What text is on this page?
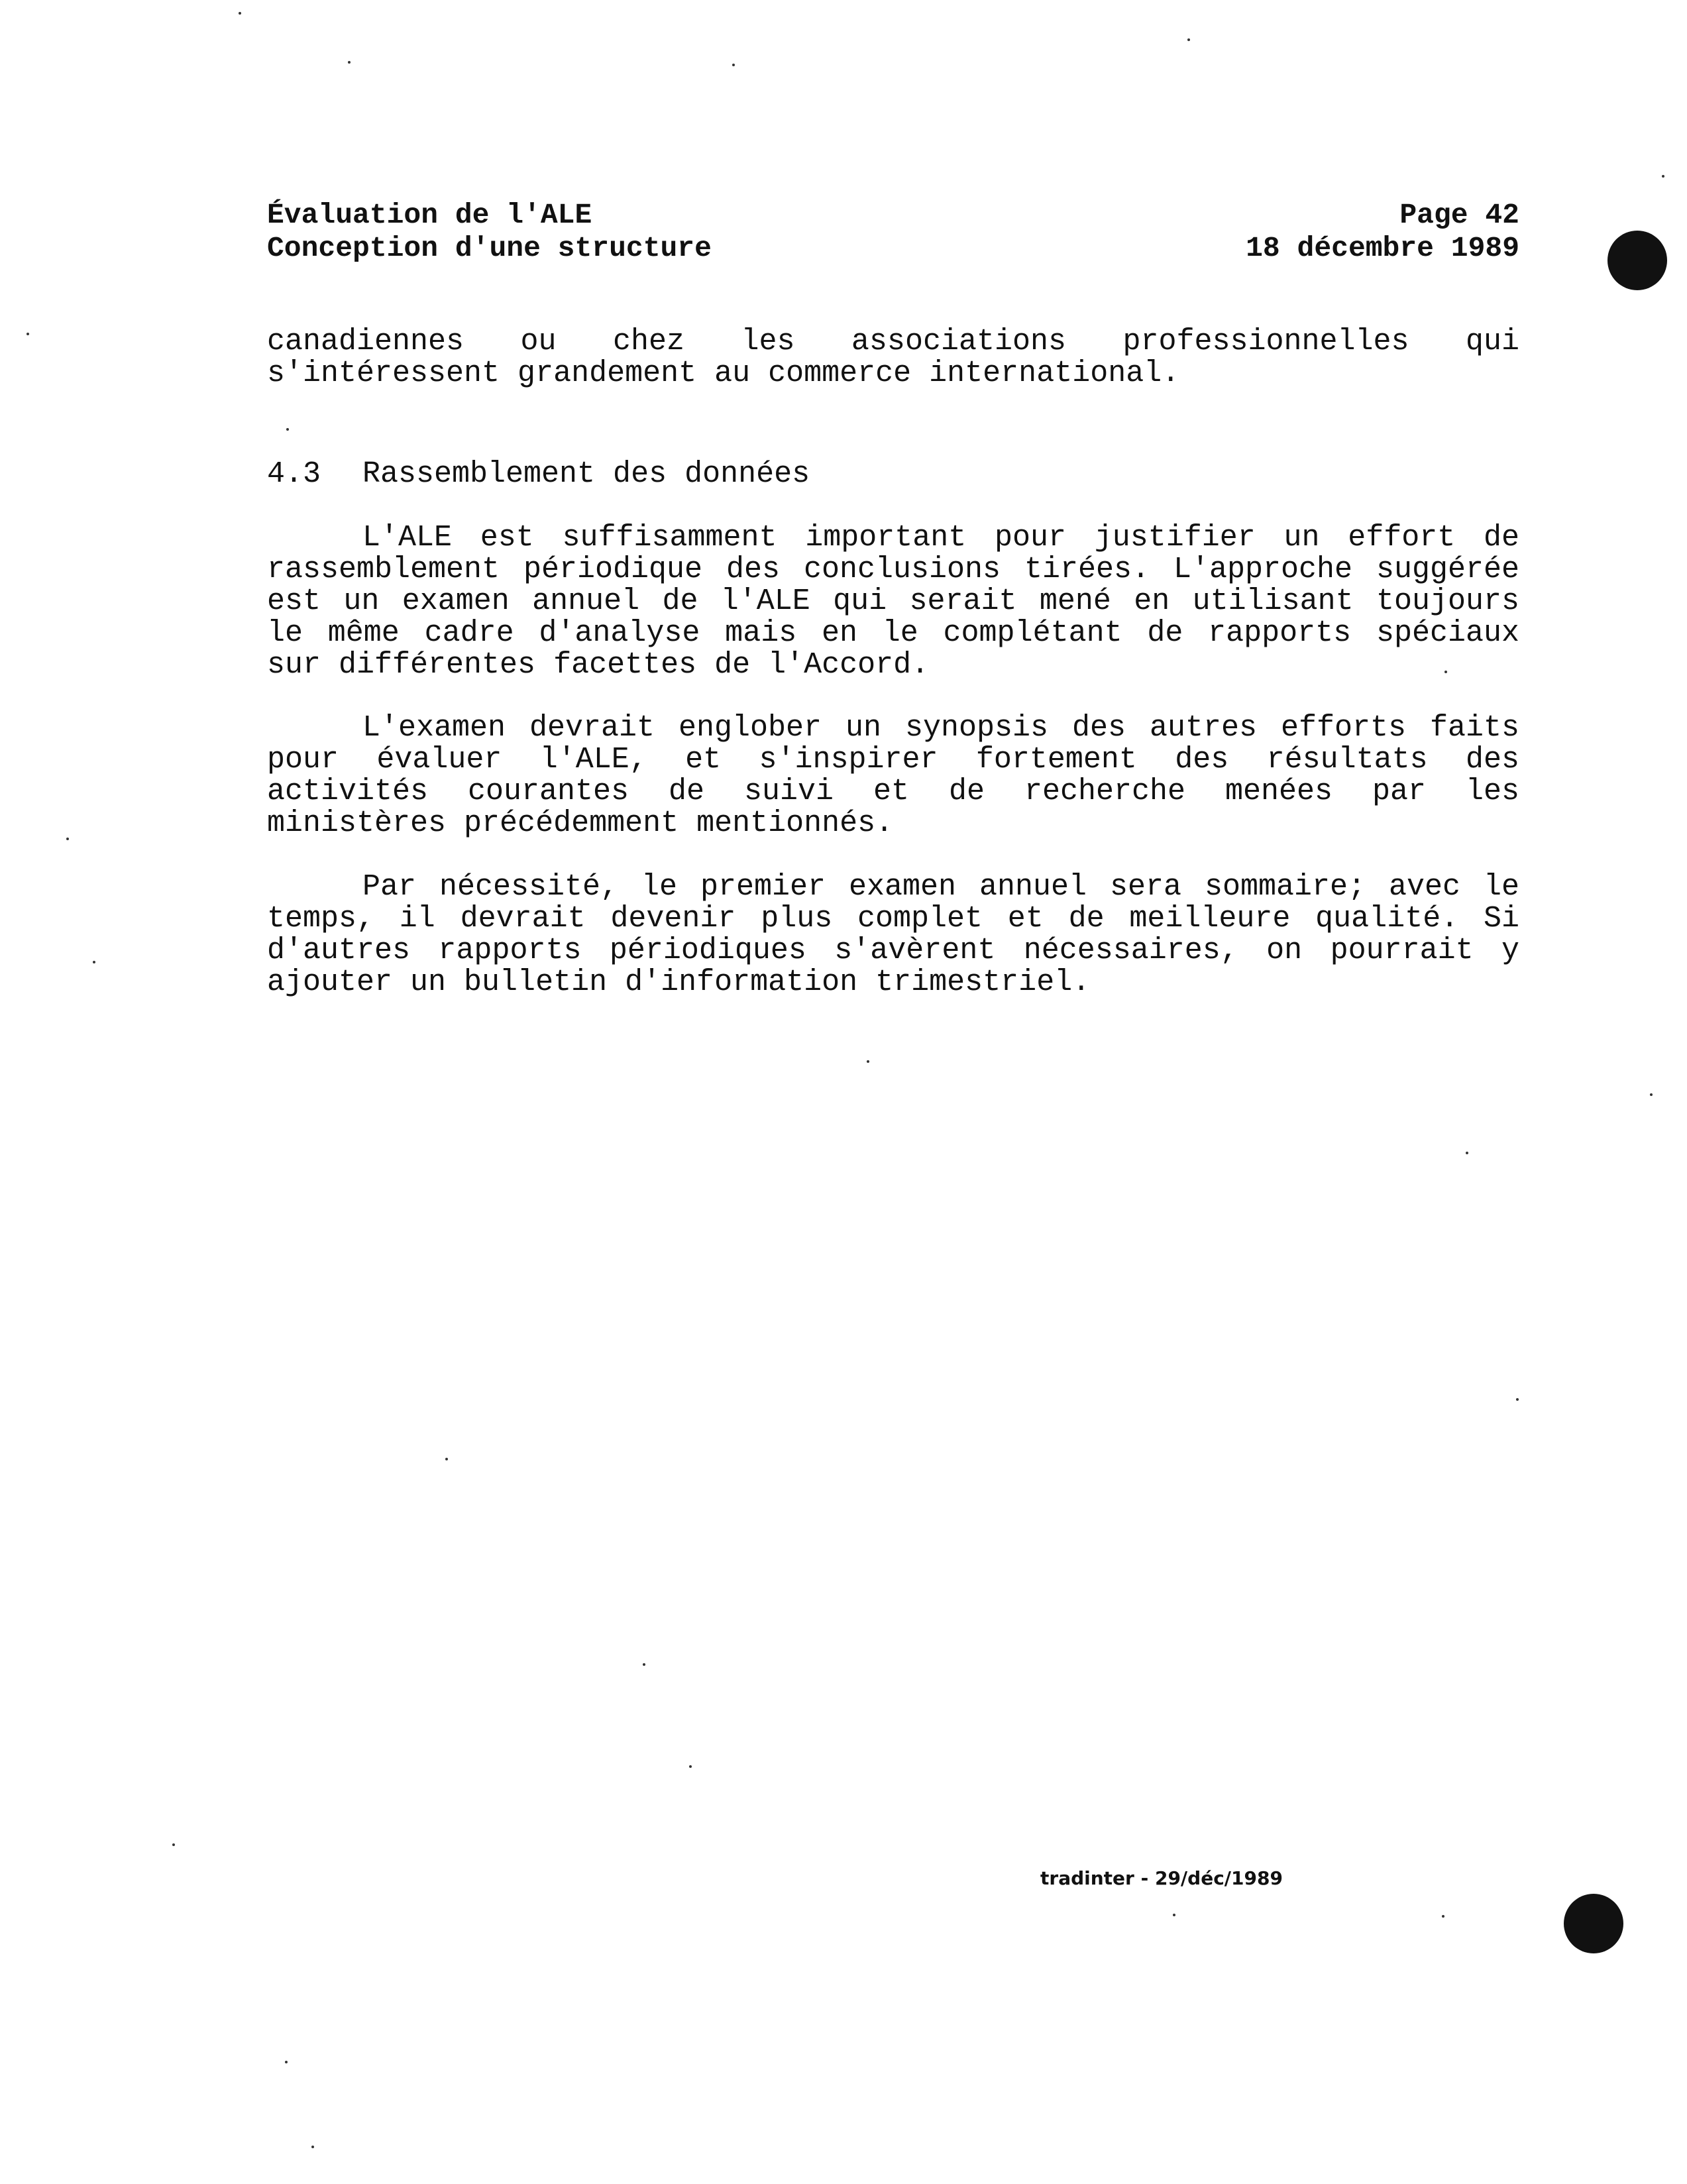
Évaluation de l'ALE
Conception d'une structure
Page 42
18 décembre 1989

canadiennes ou chez les associations professionnelles qui s'intéressent grandement au commerce international.

4.3 Rassemblement des données

L'ALE est suffisamment important pour justifier un effort de rassemblement périodique des conclusions tirées. L'approche suggérée est un examen annuel de l'ALE qui serait mené en utilisant toujours le même cadre d'analyse mais en le complétant de rapports spéciaux sur différentes facettes de l'Accord.

L'examen devrait englober un synopsis des autres efforts faits pour évaluer l'ALE, et s'inspirer fortement des résultats des activités courantes de suivi et de recherche menées par les ministères précédemment mentionnés.

Par nécessité, le premier examen annuel sera sommaire; avec le temps, il devrait devenir plus complet et de meilleure qualité. Si d'autres rapports périodiques s'avèrent nécessaires, on pourrait y ajouter un bulletin d'information trimestriel.

tradinter - 29/déc/1989
